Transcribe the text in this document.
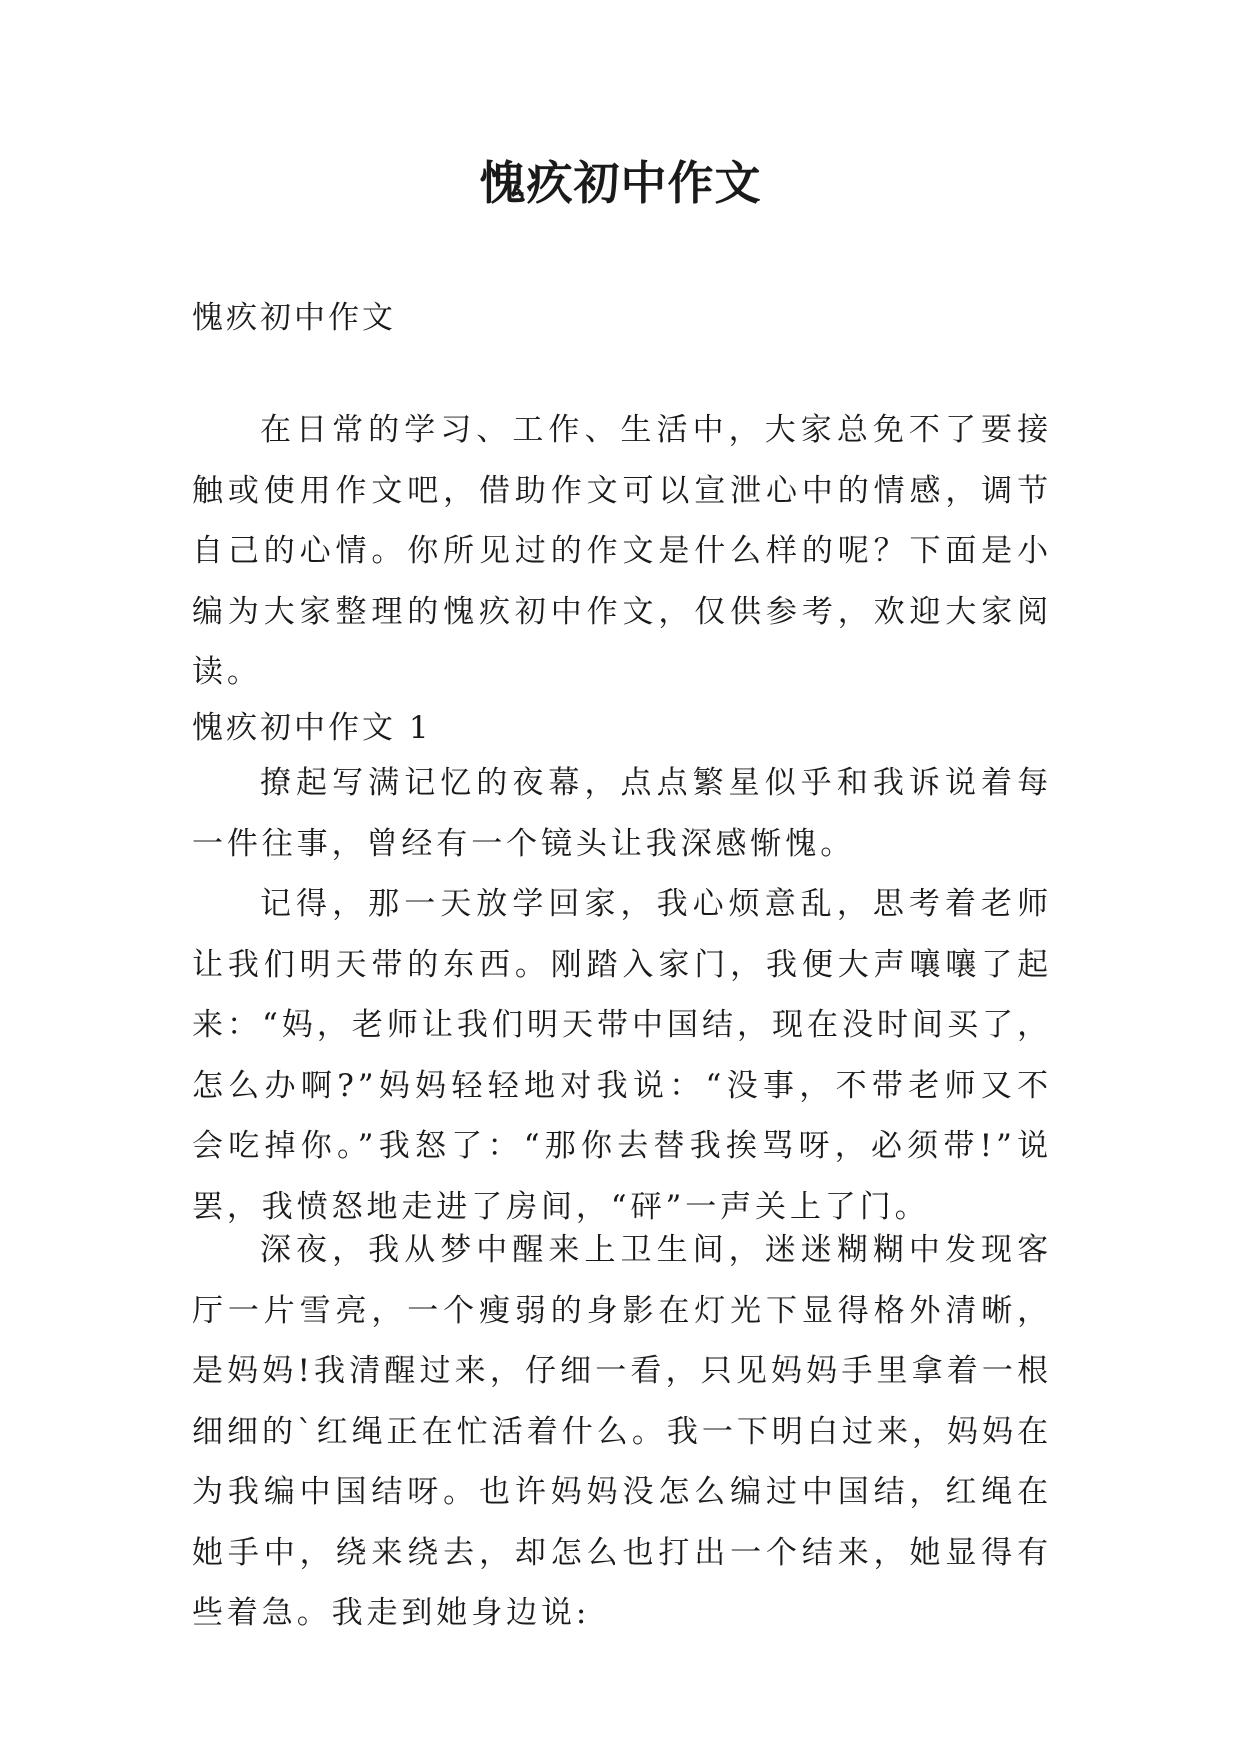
愧疚初中作文

愧疚初中作文

在日常的学习、工作、生活中，大家总免不了要接触或使用作文吧，借助作文可以宣泄心中的情感，调节自己的心情。你所见过的作文是什么样的呢？下面是小编为大家整理的愧疚初中作文，仅供参考，欢迎大家阅读。

愧疚初中作文 1

撩起写满记忆的夜幕，点点繁星似乎和我诉说着每一件往事，曾经有一个镜头让我深感惭愧。

记得，那一天放学回家，我心烦意乱，思考着老师让我们明天带的东西。刚踏入家门，我便大声嚷嚷了起来：“妈，老师让我们明天带中国结，现在没时间买了，怎么办啊?”妈妈轻轻地对我说：“没事，不带老师又不会吃掉你。”我怒了：“那你去替我挨骂呀，必须带!”说罢，我愤怒地走进了房间，“砰”一声关上了门。

深夜，我从梦中醒来上卫生间，迷迷糊糊中发现客厅一片雪亮，一个瘦弱的身影在灯光下显得格外清晰，是妈妈!我清醒过来，仔细一看，只见妈妈手里拿着一根细细的`红绳正在忙活着什么。我一下明白过来，妈妈在为我编中国结呀。也许妈妈没怎么编过中国结，红绳在她手中，绕来绕去，却怎么也打出一个结来，她显得有些着急。我走到她身边说:
